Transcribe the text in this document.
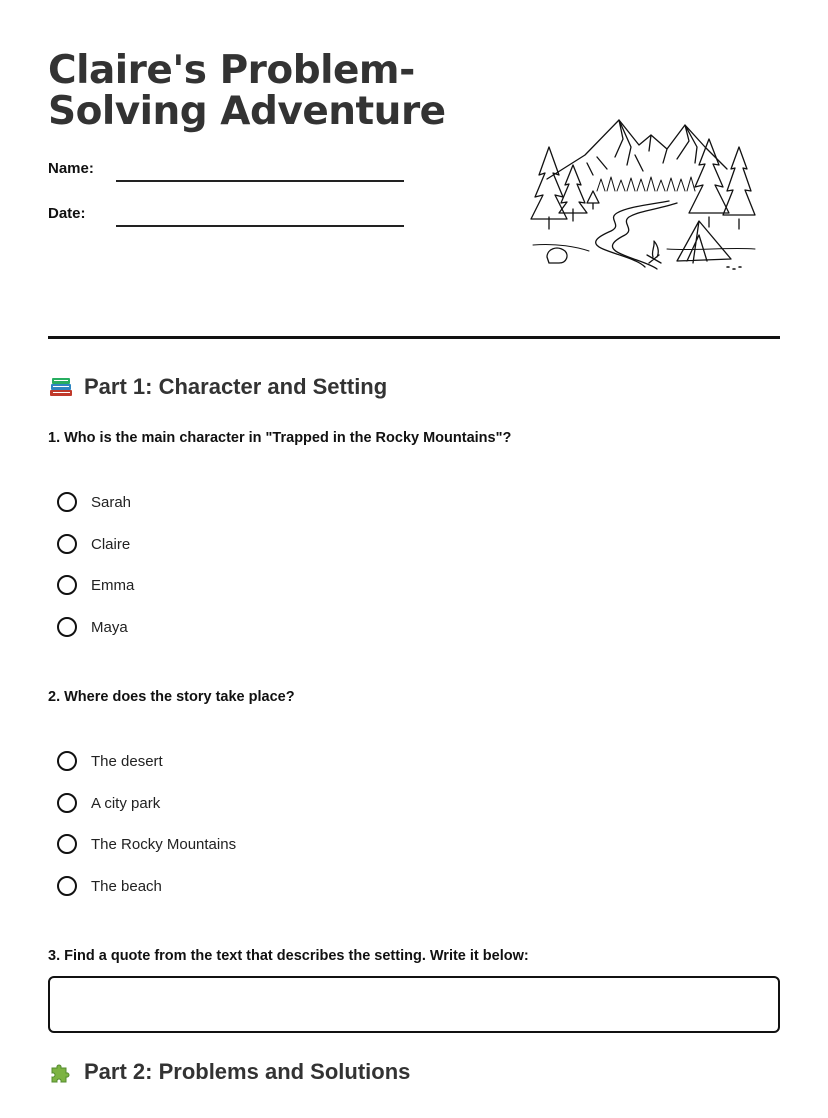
Claire's Problem-Solving Adventure
Name:
Date:
Part 1: Character and Setting
1. Who is the main character in "Trapped in the Rocky Mountains"?
Sarah
Claire
Emma
Maya
2. Where does the story take place?
The desert
A city park
The Rocky Mountains
The beach
3. Find a quote from the text that describes the setting. Write it below:
Part 2: Problems and Solutions
